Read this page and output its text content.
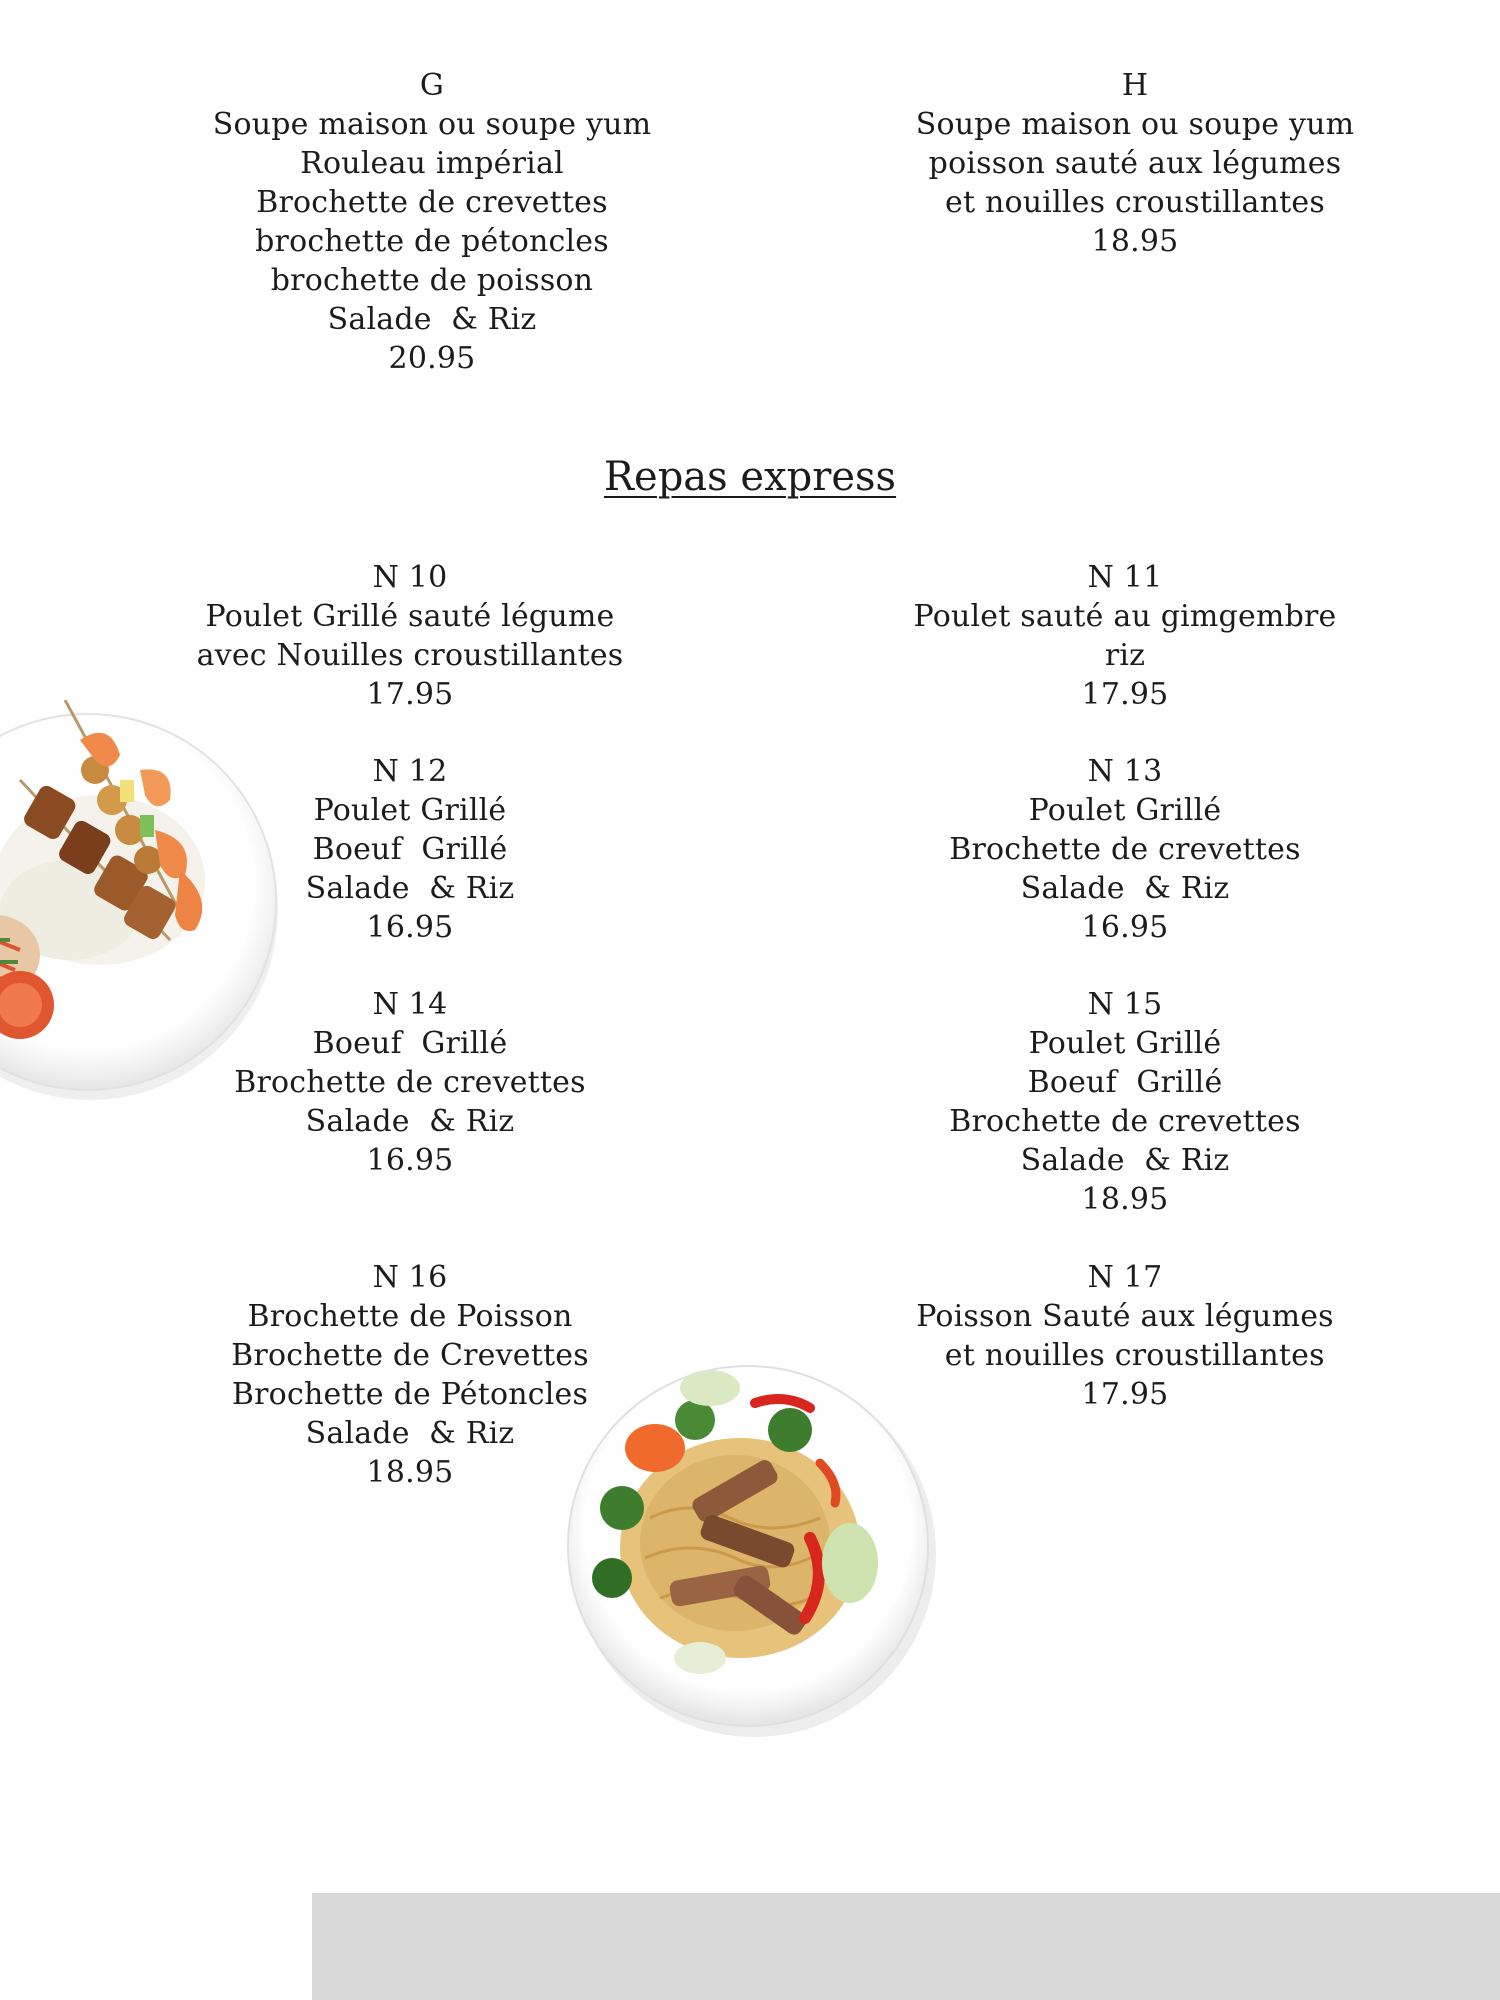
G
Soupe maison ou soupe yum
Rouleau impérial
Brochette de crevettes
brochette de pétoncles
brochette de poisson
Salade  & Riz
20.95
H
Soupe maison ou soupe yum
poisson sauté aux légumes
et nouilles croustillantes
18.95
Repas express
N 10
Poulet Grillé sauté légume
avec Nouilles croustillantes
17.95
N 11
Poulet sauté au gimgembre
riz
17.95
N 12
Poulet Grillé
Boeuf  Grillé
Salade  & Riz
16.95
N 13
Poulet Grillé
Brochette de crevettes
Salade  & Riz
16.95
N 14
Boeuf  Grillé
Brochette de crevettes
Salade  & Riz
16.95
N 15
Poulet Grillé
Boeuf  Grillé
Brochette de crevettes
Salade  & Riz
18.95
N 16
Brochette de Poisson
Brochette de Crevettes
Brochette de Pétoncles
Salade  & Riz
18.95
N 17
Poisson Sauté aux légumes
et nouilles croustillantes
17.95
